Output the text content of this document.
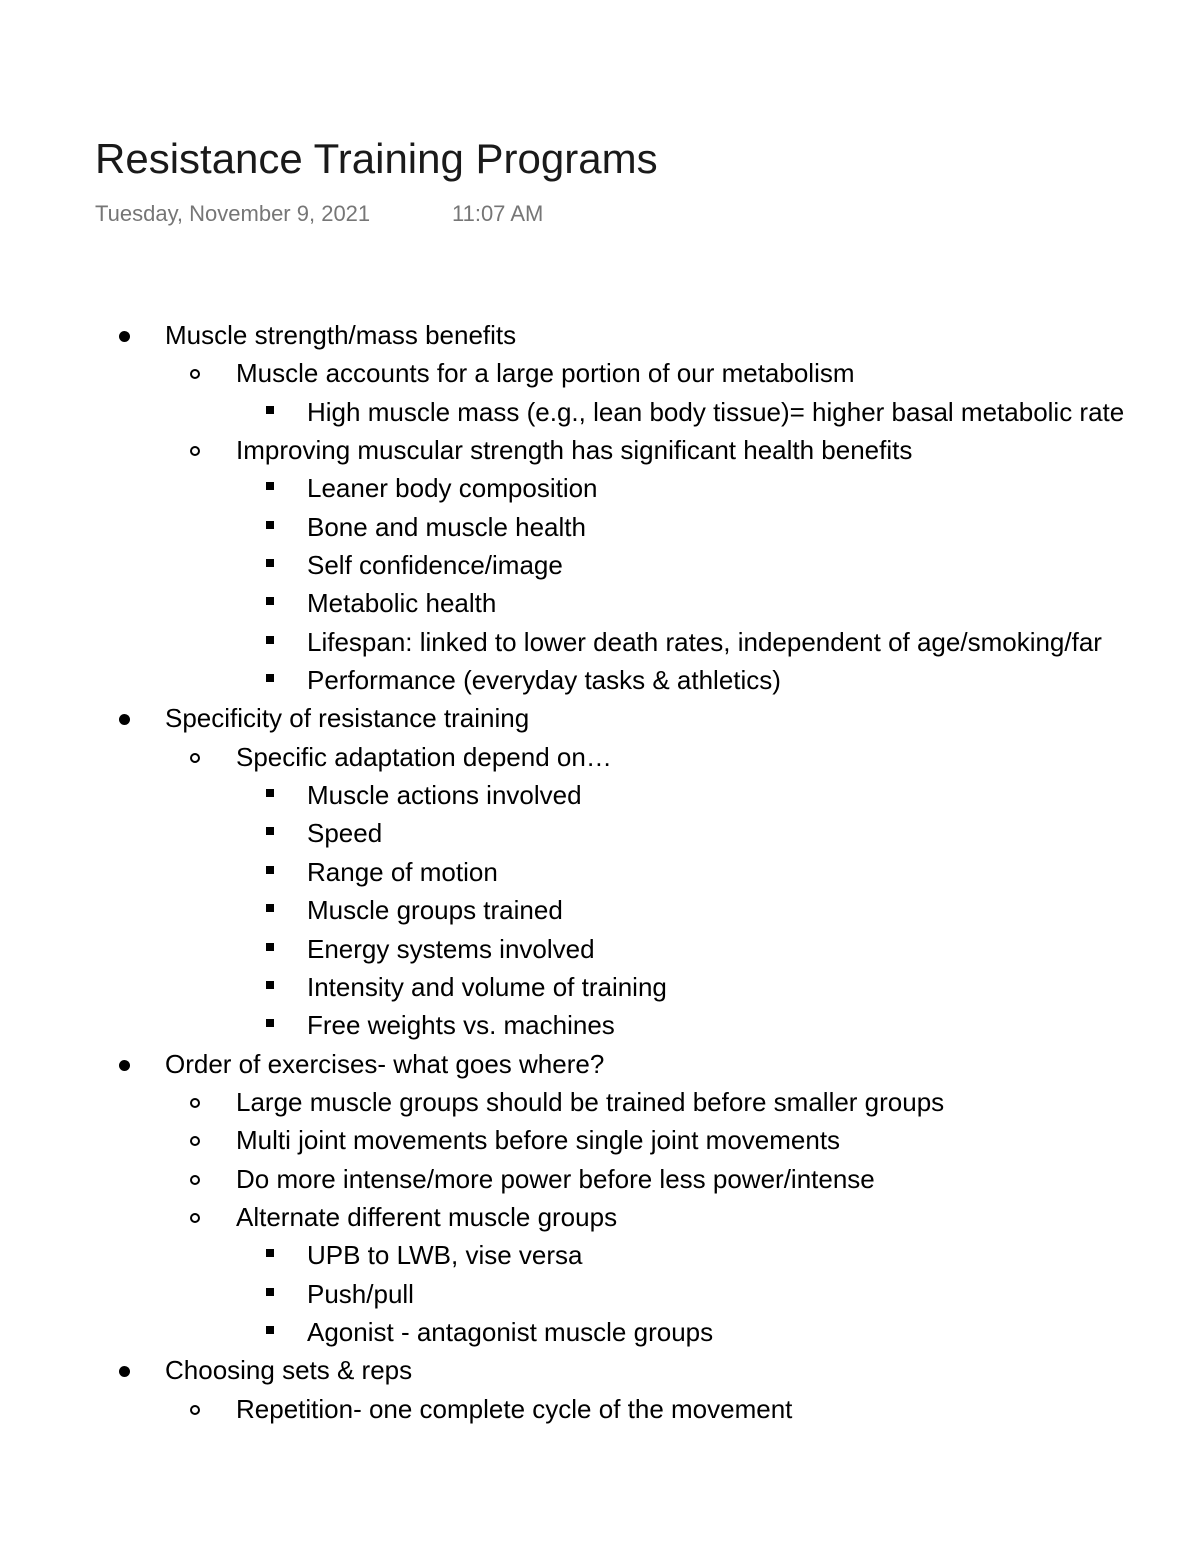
Resistance Training Programs
Tuesday, November 9, 2021	11:07 AM
Muscle strength/mass benefits
Muscle accounts for a large portion of our metabolism
High muscle mass (e.g., lean body tissue)= higher basal metabolic rate
Improving muscular strength has significant health benefits
Leaner body composition
Bone and muscle health
Self confidence/image
Metabolic health
Lifespan: linked to lower death rates, independent of age/smoking/far
Performance (everyday tasks & athletics)
Specificity of resistance training
Specific adaptation depend on…
Muscle actions involved
Speed
Range of motion
Muscle groups trained
Energy systems involved
Intensity and volume of training
Free weights vs. machines
Order of exercises- what goes where?
Large muscle groups should be trained before smaller groups
Multi joint movements before single joint movements
Do more intense/more power before less power/intense
Alternate different muscle groups
UPB to LWB, vise versa
Push/pull
Agonist - antagonist muscle groups
Choosing sets & reps
Repetition- one complete cycle of the movement
